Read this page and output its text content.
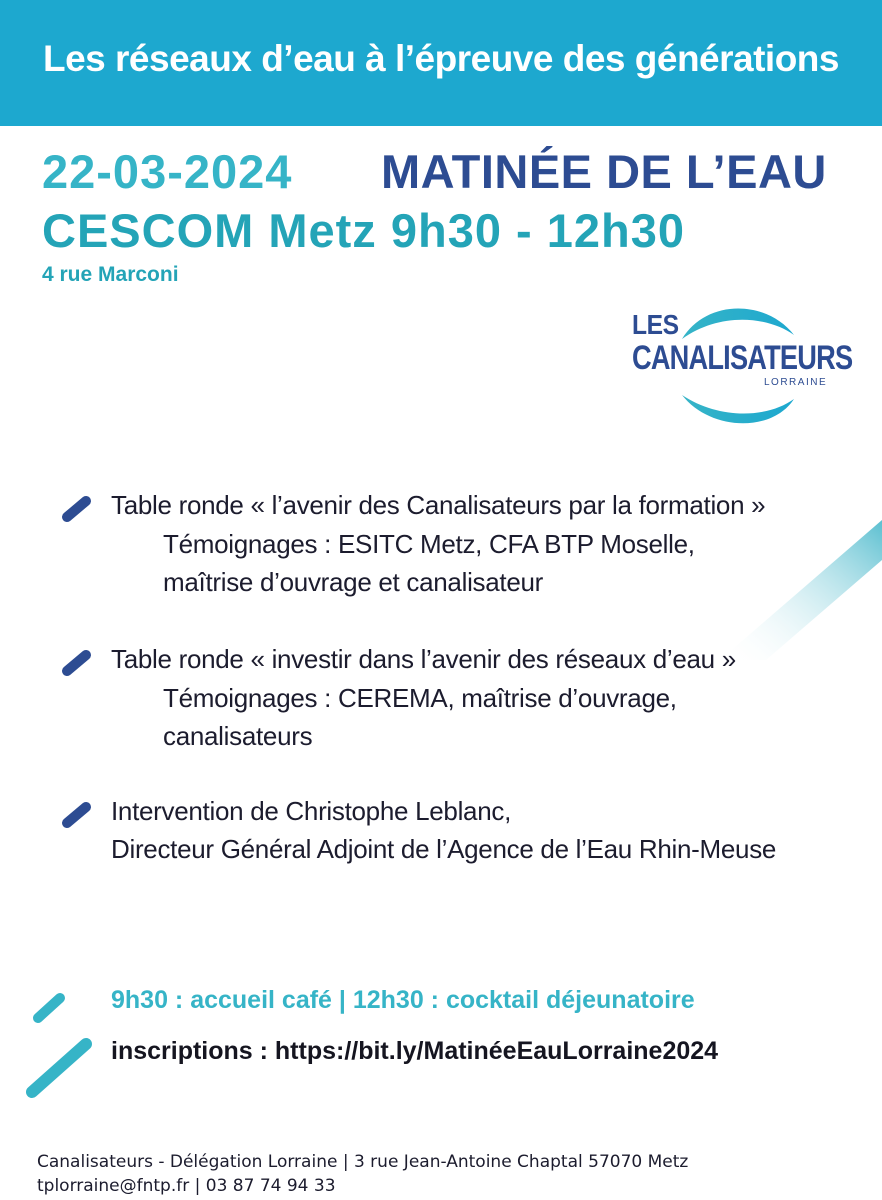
Les réseaux d’eau à l’épreuve des générations
22-03-2024 MATINÉE DE L’EAU
CESCOM Metz 9h30 - 12h30
4 rue Marconi
LES
CANALISATEURS
LORRAINE
Table ronde « l’avenir des Canalisateurs par la formation »
Témoignages : ESITC Metz, CFA BTP Moselle,
maîtrise d’ouvrage et canalisateur
Table ronde « investir dans l’avenir des réseaux d’eau »
Témoignages : CEREMA, maîtrise d’ouvrage,
canalisateurs
Intervention de Christophe Leblanc,
Directeur Général Adjoint de l’Agence de l’Eau Rhin-Meuse
9h30 : accueil café | 12h30 : cocktail déjeunatoire
inscriptions : https://bit.ly/MatinéeEauLorraine2024
Canalisateurs - Délégation Lorraine | 3 rue Jean-Antoine Chaptal 57070 Metz
tplorraine@fntp.fr | 03 87 74 94 33
